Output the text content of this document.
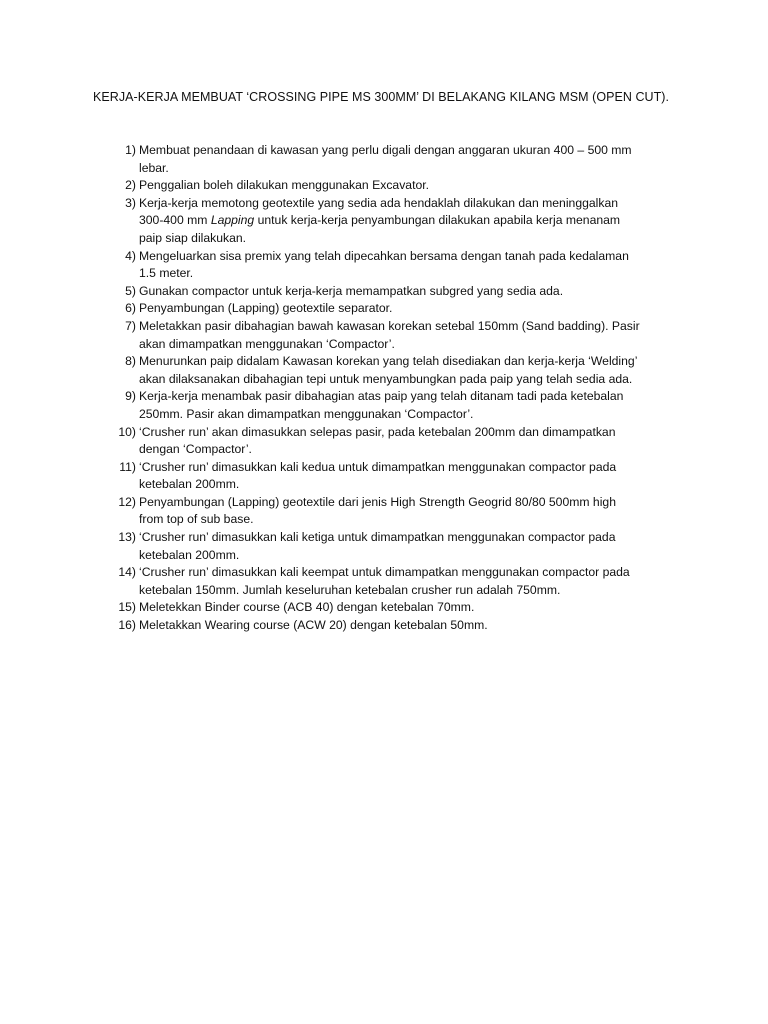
KERJA-KERJA MEMBUAT ‘CROSSING PIPE MS 300MM’ DI BELAKANG KILANG MSM (OPEN CUT).
1) Membuat penandaan di kawasan yang perlu digali dengan anggaran ukuran 400 – 500 mm
lebar.
2) Penggalian boleh dilakukan menggunakan Excavator.
3) Kerja-kerja memotong geotextile yang sedia ada hendaklah dilakukan dan meninggalkan
300-400 mm Lapping untuk kerja-kerja penyambungan dilakukan apabila kerja menanam
paip siap dilakukan.
4) Mengeluarkan sisa premix yang telah dipecahkan bersama dengan tanah pada kedalaman
1.5 meter.
5) Gunakan compactor untuk kerja-kerja memampatkan subgred yang sedia ada.
6) Penyambungan (Lapping) geotextile separator.
7) Meletakkan pasir dibahagian bawah kawasan korekan setebal 150mm (Sand badding). Pasir
akan dimampatkan menggunakan ‘Compactor’.
8) Menurunkan paip didalam Kawasan korekan yang telah disediakan dan kerja-kerja ‘Welding’
akan dilaksanakan dibahagian tepi untuk menyambungkan pada paip yang telah sedia ada.
9) Kerja-kerja menambak pasir dibahagian atas paip yang telah ditanam tadi pada ketebalan
250mm. Pasir akan dimampatkan menggunakan ‘Compactor’.
10) ‘Crusher run’ akan dimasukkan selepas pasir, pada ketebalan 200mm dan dimampatkan
dengan ‘Compactor’.
11) ‘Crusher run’ dimasukkan kali kedua untuk dimampatkan menggunakan compactor pada
ketebalan 200mm.
12) Penyambungan (Lapping) geotextile dari jenis High Strength Geogrid 80/80 500mm high
from top of sub base.
13) ‘Crusher run’ dimasukkan kali ketiga untuk dimampatkan menggunakan compactor pada
ketebalan 200mm.
14) ‘Crusher run’ dimasukkan kali keempat untuk dimampatkan menggunakan compactor pada
ketebalan 150mm. Jumlah keseluruhan ketebalan crusher run adalah 750mm.
15) Meletekkan Binder course (ACB 40) dengan ketebalan 70mm.
16) Meletakkan Wearing course (ACW 20) dengan ketebalan 50mm.
